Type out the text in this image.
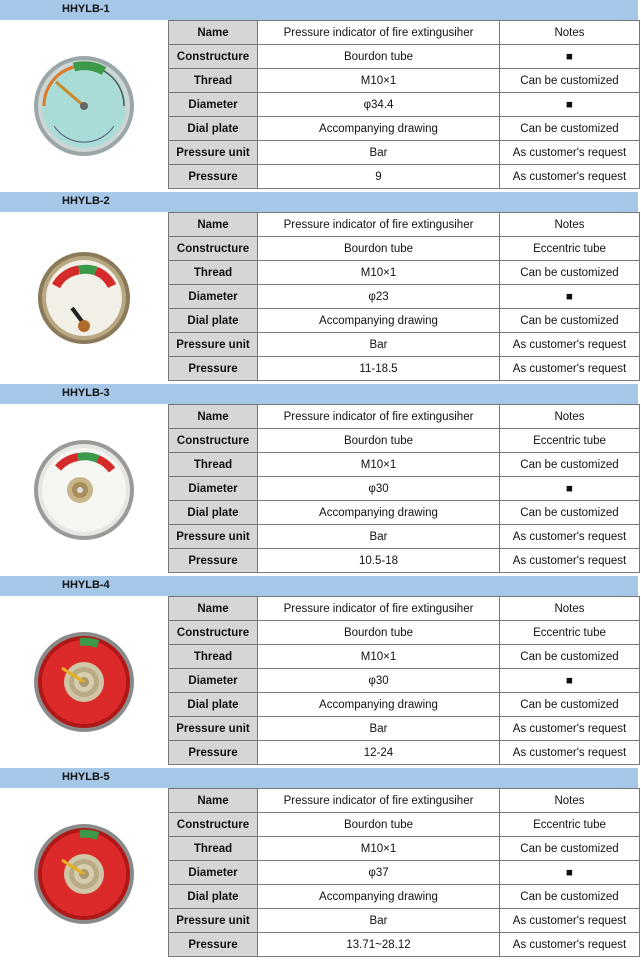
HHYLB-1
Name	Pressure indicator of fire extingusiher	Notes
Constructure	Bourdon tube	■
Thread	M10×1	Can be customized
Diameter	φ34.4	■
Dial plate	Accompanying drawing	Can be customized
Pressure unit	Bar	As customer's request
Pressure	9	As customer's request
HHYLB-2
Name	Pressure indicator of fire extingusiher	Notes
Constructure	Bourdon tube	Eccentric tube
Thread	M10×1	Can be customized
Diameter	φ23	■
Dial plate	Accompanying drawing	Can be customized
Pressure unit	Bar	As customer's request
Pressure	11-18.5	As customer's request
HHYLB-3
Name	Pressure indicator of fire extingusiher	Notes
Constructure	Bourdon tube	Eccentric tube
Thread	M10×1	Can be customized
Diameter	φ30	■
Dial plate	Accompanying drawing	Can be customized
Pressure unit	Bar	As customer's request
Pressure	10.5-18	As customer's request
HHYLB-4
Name	Pressure indicator of fire extingusiher	Notes
Constructure	Bourdon tube	Eccentric tube
Thread	M10×1	Can be customized
Diameter	φ30	■
Dial plate	Accompanying drawing	Can be customized
Pressure unit	Bar	As customer's request
Pressure	12-24	As customer's request
HHYLB-5
Name	Pressure indicator of fire extingusiher	Notes
Constructure	Bourdon tube	Eccentric tube
Thread	M10×1	Can be customized
Diameter	φ37	■
Dial plate	Accompanying drawing	Can be customized
Pressure unit	Bar	As customer's request
Pressure	13.71~28.12	As customer's request
